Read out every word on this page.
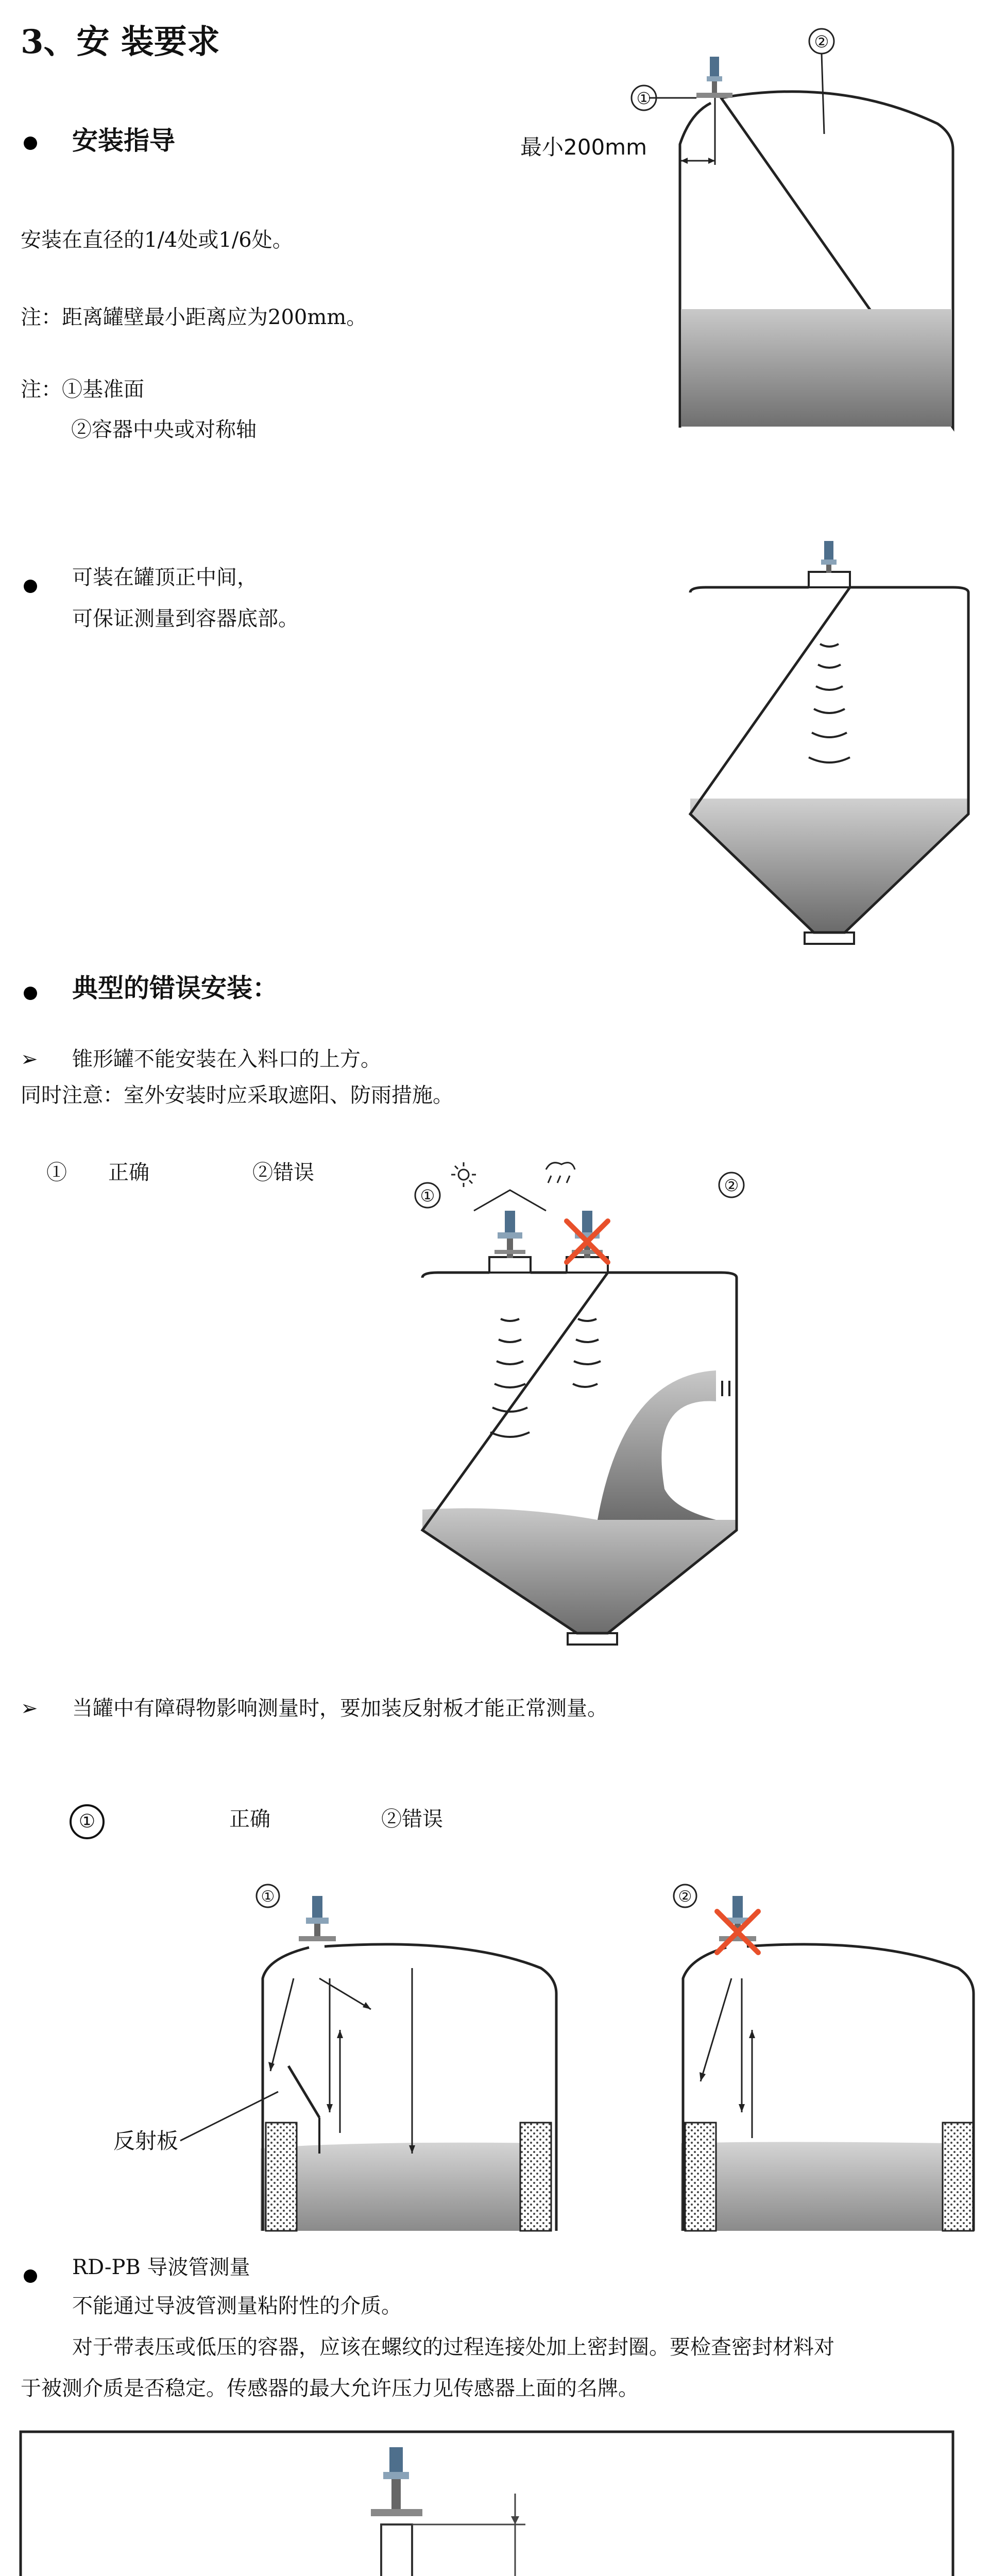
3、安 装要求
安装指导
安装在直径的1/4处或1/6处。
注：距离罐壁最小距离应为200mm。
注：①基准面
②容器中央或对称轴
①
②
最小200mm
可装在罐顶正中间，
可保证测量到容器底部。
典型的错误安装：
➢ 锥形罐不能安装在入料口的上方。
同时注意：室外安装时应采取遮阳、防雨措施。
①　　正确	②错误
①
②
➢ 当罐中有障碍物影响测量时，要加装反射板才能正常测量。
①	正确	②错误
①
反射板
②
RD-PB 导波管测量
不能通过导波管测量粘附性的介质。
对于带表压或低压的容器，应该在螺纹的过程连接处加上密封圈。要检查密封材料对
于被测介质是否稳定。传感器的最大允许压力见传感器上面的名牌。
